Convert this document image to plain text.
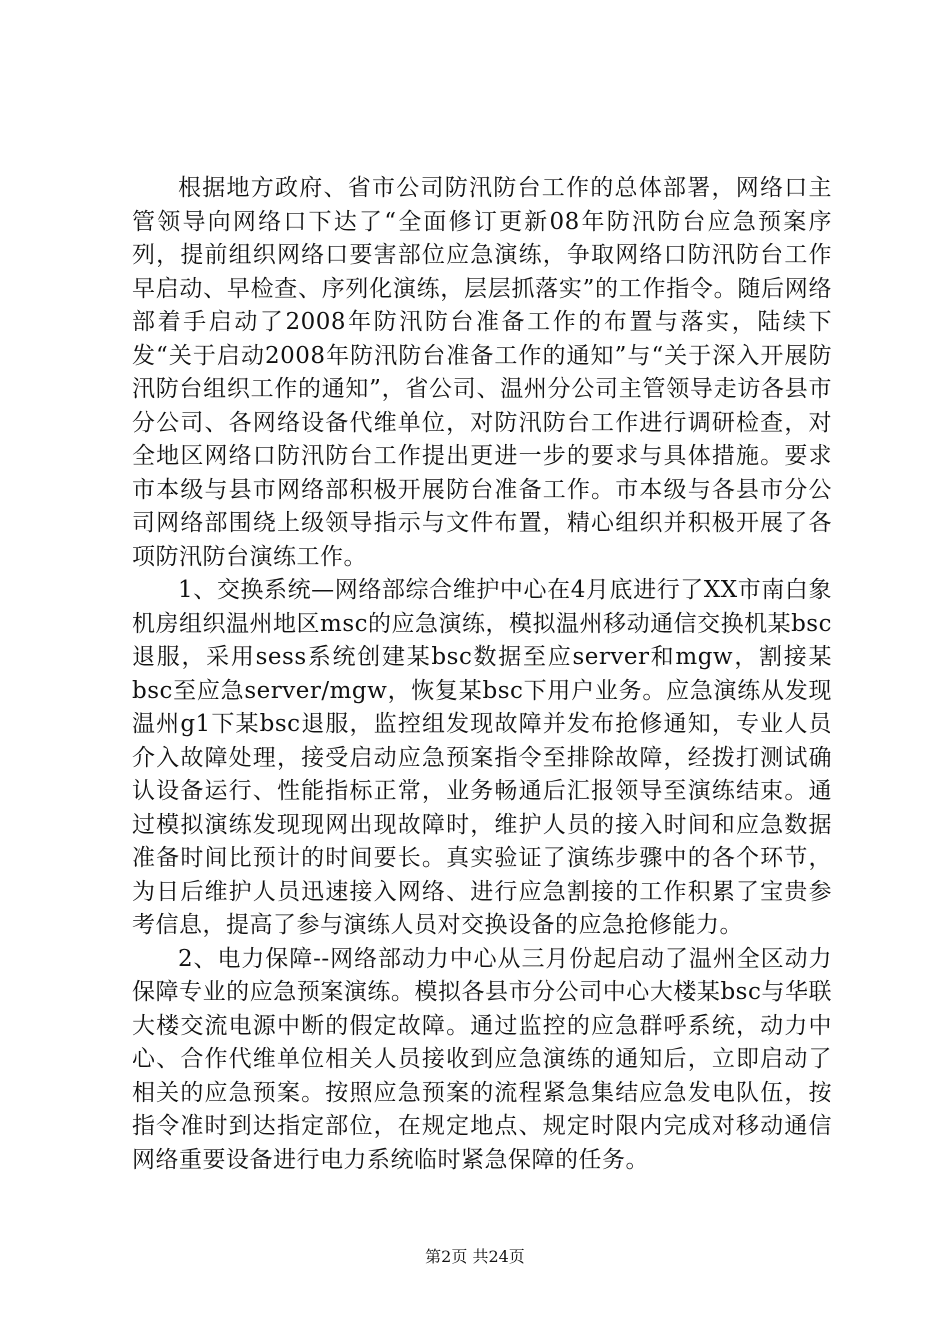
根据地方政府、省市公司防汛防台工作的总体部署，网络口主管领导向网络口下达了“全面修订更新08年防汛防台应急预案序列，提前组织网络口要害部位应急演练，争取网络口防汛防台工作早启动、早检查、序列化演练，层层抓落实”的工作指令。随后网络部着手启动了2008年防汛防台准备工作的布置与落实，陆续下发“关于启动2008年防汛防台准备工作的通知”与“关于深入开展防汛防台组织工作的通知”，省公司、温州分公司主管领导走访各县市分公司、各网络设备代维单位，对防汛防台工作进行调研检查，对全地区网络口防汛防台工作提出更进一步的要求与具体措施。要求市本级与县市网络部积极开展防台准备工作。市本级与各县市分公司网络部围绕上级领导指示与文件布置，精心组织并积极开展了各项防汛防台演练工作。

1、交换系统—网络部综合维护中心在4月底进行了XX市南白象机房组织温州地区msc的应急演练，模拟温州移动通信交换机某bsc退服，采用sess系统创建某bsc数据至应server和mgw，割接某bsc至应急server/mgw，恢复某bsc下用户业务。应急演练从发现温州g1下某bsc退服，监控组发现故障并发布抢修通知，专业人员介入故障处理，接受启动应急预案指令至排除故障，经拨打测试确认设备运行、性能指标正常，业务畅通后汇报领导至演练结束。通过模拟演练发现现网出现故障时，维护人员的接入时间和应急数据准备时间比预计的时间要长。真实验证了演练步骤中的各个环节，为日后维护人员迅速接入网络、进行应急割接的工作积累了宝贵参考信息，提高了参与演练人员对交换设备的应急抢修能力。

2、电力保障--网络部动力中心从三月份起启动了温州全区动力保障专业的应急预案演练。模拟各县市分公司中心大楼某bsc与华联大楼交流电源中断的假定故障。通过监控的应急群呼系统，动力中心、合作代维单位相关人员接收到应急演练的通知后，立即启动了相关的应急预案。按照应急预案的流程紧急集结应急发电队伍，按指令准时到达指定部位，在规定地点、规定时限内完成对移动通信网络重要设备进行电力系统临时紧急保障的任务。

第2页 共24页
